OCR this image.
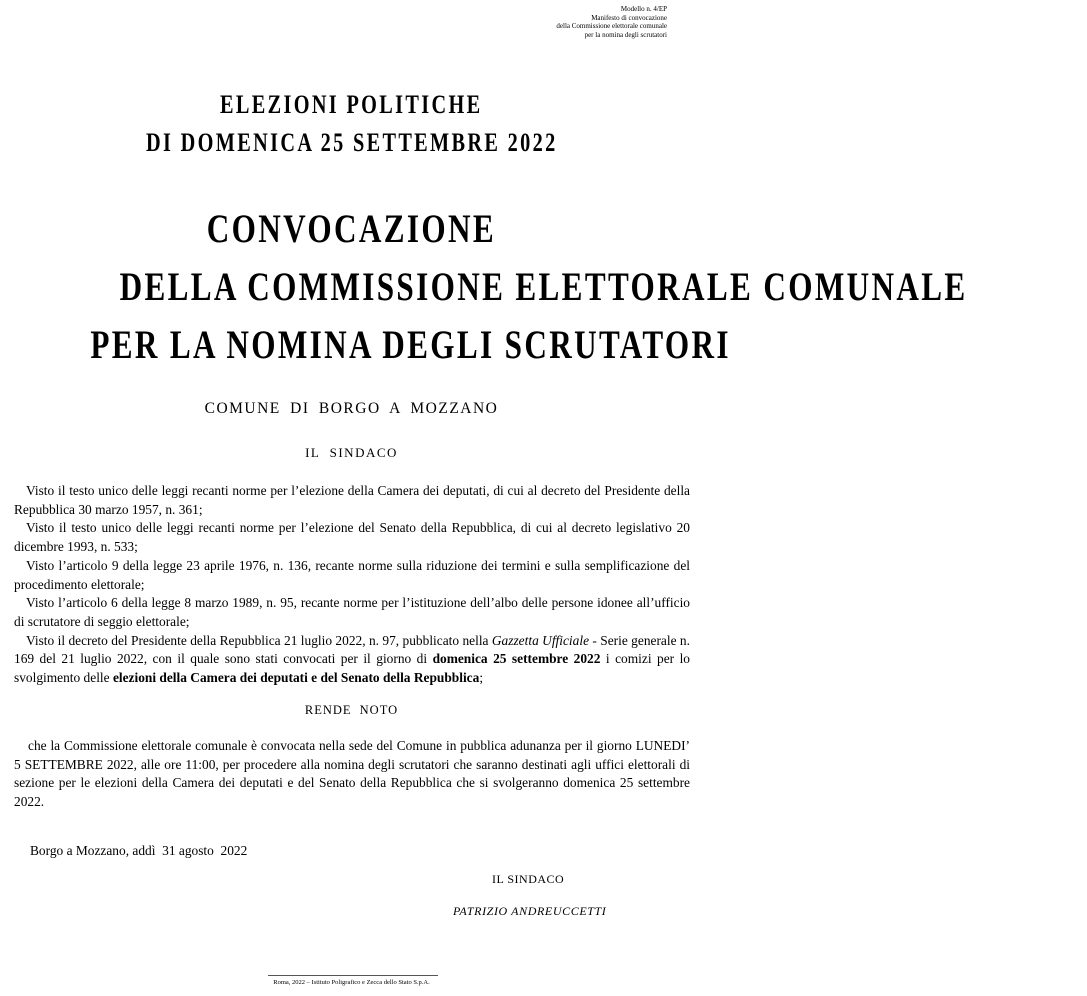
Modello n. 4/EP
Manifesto di convocazione
della Commissione elettorale comunale
per la nomina degli scrutatori
ELEZIONI POLITICHE
DI DOMENICA 25 SETTEMBRE 2022
CONVOCAZIONE
DELLA COMMISSIONE ELETTORALE COMUNALE
PER LA NOMINA DEGLI SCRUTATORI
COMUNE DI BORGO A MOZZANO
IL SINDACO

Visto il testo unico delle leggi recanti norme per l’elezione della Camera dei deputati, di cui al decreto del Presidente della Repubblica 30 marzo 1957, n. 361;

Visto il testo unico delle leggi recanti norme per l’elezione del Senato della Repubblica, di cui al decreto legislativo 20 dicembre 1993, n. 533;

Visto l’articolo 9 della legge 23 aprile 1976, n. 136, recante norme sulla riduzione dei termini e sulla semplificazione del procedimento elettorale;

Visto l’articolo 6 della legge 8 marzo 1989, n. 95, recante norme per l’istituzione dell’albo delle persone idonee all’ufficio di scrutatore di seggio elettorale;

Visto il decreto del Presidente della Repubblica 21 luglio 2022, n. 97, pubblicato nella Gazzetta Ufficiale - Serie generale n. 169 del 21 luglio 2022, con il quale sono stati convocati per il giorno di domenica 25 settembre 2022 i comizi per lo svolgimento delle elezioni della Camera dei deputati e del Senato della Repubblica;

RENDE NOTO

che la Commissione elettorale comunale è convocata nella sede del Comune in pubblica adunanza per il giorno LUNEDI’ 5 SETTEMBRE 2022, alle ore 11:00, per procedere alla nomina degli scrutatori che saranno destinati agli uffici elettorali di sezione per le elezioni della Camera dei deputati e del Senato della Repubblica che si svolgeranno domenica 25 settembre 2022.

Borgo a Mozzano, addì  31 agosto  2022
IL SINDACO
PATRIZIO ANDREUCCETTI
Roma, 2022 – Istituto Poligrafico e Zecca dello Stato S.p.A.
